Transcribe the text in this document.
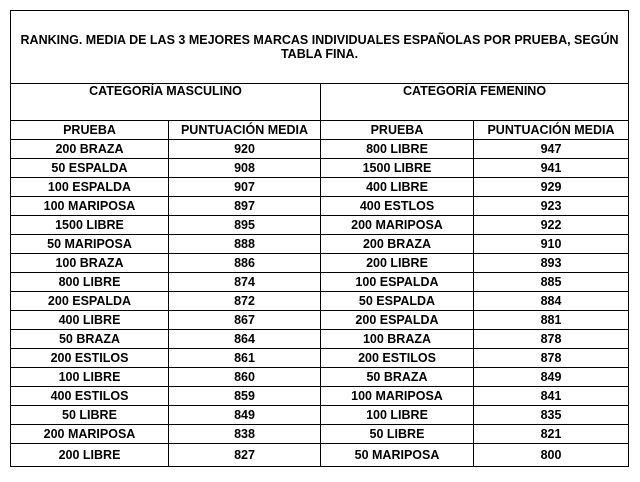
RANKING. MEDIA DE LAS 3 MEJORES MARCAS INDIVIDUALES ESPAÑOLAS POR PRUEBA, SEGÚN TABLA FINA.			
CATEGORÍA MASCULINO		CATEGORÍA FEMENINO	
PRUEBA	PUNTUACIÓN MEDIA	PRUEBA	PUNTUACIÓN MEDIA
200 BRAZA	920	800 LIBRE	947
50 ESPALDA	908	1500 LIBRE	941
100 ESPALDA	907	400 LIBRE	929
100 MARIPOSA	897	400 ESTLOS	923
1500 LIBRE	895	200 MARIPOSA	922
50 MARIPOSA	888	200 BRAZA	910
100 BRAZA	886	200 LIBRE	893
800 LIBRE	874	100 ESPALDA	885
200 ESPALDA	872	50 ESPALDA	884
400 LIBRE	867	200 ESPALDA	881
50 BRAZA	864	100 BRAZA	878
200 ESTILOS	861	200 ESTILOS	878
100 LIBRE	860	50 BRAZA	849
400 ESTILOS	859	100 MARIPOSA	841
50 LIBRE	849	100 LIBRE	835
200 MARIPOSA	838	50 LIBRE	821
200 LIBRE	827	50 MARIPOSA	800
